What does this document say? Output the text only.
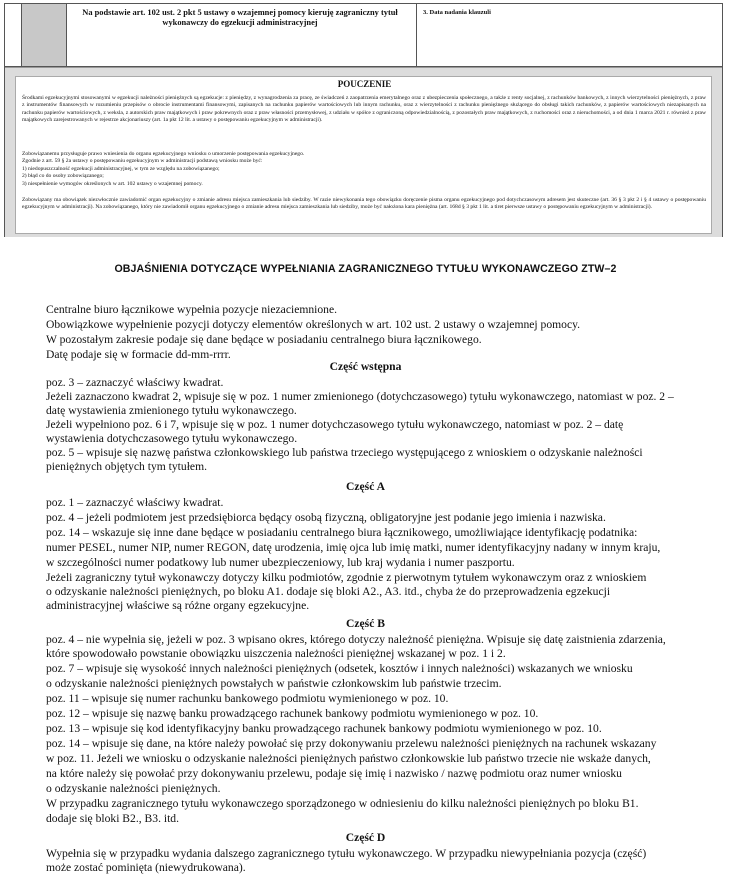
Na podstawie art. 102 ust. 2 pkt 5 ustawy o wzajemnej pomocy kieruję zagraniczny tytuł wykonawczy do egzekucji administracyjnej
3. Data nadania klauzuli
POUCZENIE
Środkami egzekucyjnymi stosowanymi w egzekucji należności pieniężnych są egzekucje: z pieniędzy, z wynagrodzenia za pracę, ze świadczeń z zaopatrzenia emerytalnego oraz z ubezpieczenia społecznego, a także z renty socjalnej, z rachunków bankowych, z innych wierzytelności pieniężnych, z praw z instrumentów finansowych w rozumieniu przepisów o obrocie instrumentami finansowymi, zapisanych na rachunku papierów wartościowych lub innym rachunku, oraz z wierzytelności z rachunku pieniężnego służącego do obsługi takich rachunków, z papierów wartościowych niezapisanych na rachunku papierów wartościowych, z weksla, z autorskich praw majątkowych i praw pokrewnych oraz z praw własności przemysłowej, z udziału w spółce z ograniczoną odpowiedzialnością, z pozostałych praw majątkowych, z ruchomości oraz z nieruchomości, a od dnia 1 marca 2021 r. również z praw majątkowych zarejestrowanych w rejestrze akcjonariuszy (art. 1a pkt 12 lit. a ustawy o postępowaniu egzekucyjnym w administracji).
Zobowiązanemu przysługuje prawo wniesienia do organu egzekucyjnego wniosku o umorzenie postępowania egzekucyjnego.
Zgodnie z art. 59 § 2a ustawy o postępowaniu egzekucyjnym w administracji podstawą wniosku może być:
1) niedopuszczalność egzekucji administracyjnej, w tym ze względu na zobowiązanego;
2) błąd co do osoby zobowiązanego;
3) niespełnienie wymogów określonych w art. 102 ustawy o wzajemnej pomocy.
Zobowiązany ma obowiązek niezwłocznie zawiadomić organ egzekucyjny o zmianie adresu miejsca zamieszkania lub siedziby. W razie niewykonania tego obowiązku doręczenie pisma organu egzekucyjnego pod dotychczasowym adresem jest skuteczne (art. 36 § 3 pkt 2 i § 4 ustawy o postępowaniu egzekucyjnym w administracji). Na zobowiązanego, który nie zawiadomił organu egzekucyjnego o zmianie adresu miejsca zamieszkania lub siedziby, może być nałożona kara pieniężna (art. 168d § 3 pkt 1 lit. a tiret pierwsze ustawy o postępowaniu egzekucyjnym w administracji).
OBJAŚNIENIA DOTYCZĄCE WYPEŁNIANIA ZAGRANICZNEGO TYTUŁU WYKONAWCZEGO ZTW–2
Centralne biuro łącznikowe wypełnia pozycje niezaciemnione.
Obowiązkowe wypełnienie pozycji dotyczy elementów określonych w art. 102 ust. 2 ustawy o wzajemnej pomocy.
W pozostałym zakresie podaje się dane będące w posiadaniu centralnego biura łącznikowego.
Datę podaje się w formacie dd-mm-rrrr.
Część wstępna
poz. 3 – zaznaczyć właściwy kwadrat.
Jeżeli zaznaczono kwadrat 2, wpisuje się w poz. 1 numer zmienionego (dotychczasowego) tytułu wykonawczego, natomiast w poz. 2 –
datę wystawienia zmienionego tytułu wykonawczego.
Jeżeli wypełniono poz. 6 i 7, wpisuje się w poz. 1 numer dotychczasowego tytułu wykonawczego, natomiast w poz. 2 – datę
wystawienia dotychczasowego tytułu wykonawczego.
poz. 5 – wpisuje się nazwę państwa członkowskiego lub państwa trzeciego występującego z wnioskiem o odzyskanie należności
pieniężnych objętych tym tytułem.
Część A
poz. 1 – zaznaczyć właściwy kwadrat.
poz. 4 – jeżeli podmiotem jest przedsiębiorca będący osobą fizyczną, obligatoryjne jest podanie jego imienia i nazwiska.
poz. 14 – wskazuje się inne dane będące w posiadaniu centralnego biura łącznikowego, umożliwiające identyfikację podatnika:
numer PESEL, numer NIP, numer REGON, datę urodzenia, imię ojca lub imię matki, numer identyfikacyjny nadany w innym kraju,
w szczególności numer podatkowy lub numer ubezpieczeniowy, lub kraj wydania i numer paszportu.
Jeżeli zagraniczny tytuł wykonawczy dotyczy kilku podmiotów, zgodnie z pierwotnym tytułem wykonawczym oraz z wnioskiem
o odzyskanie należności pieniężnych, po bloku A1. dodaje się bloki A2., A3. itd., chyba że do przeprowadzenia egzekucji
administracyjnej właściwe są różne organy egzekucyjne.
Część B
poz. 4 – nie wypełnia się, jeżeli w poz. 3 wpisano okres, którego dotyczy należność pieniężna. Wpisuje się datę zaistnienia zdarzenia,
które spowodowało powstanie obowiązku uiszczenia należności pieniężnej wskazanej w poz. 1 i 2.
poz. 7 – wpisuje się wysokość innych należności pieniężnych (odsetek, kosztów i innych należności) wskazanych we wniosku
o odzyskanie należności pieniężnych powstałych w państwie członkowskim lub państwie trzecim.
poz. 11 – wpisuje się numer rachunku bankowego podmiotu wymienionego w poz. 10.
poz. 12 – wpisuje się nazwę banku prowadzącego rachunek bankowy podmiotu wymienionego w poz. 10.
poz. 13 – wpisuje się kod identyfikacyjny banku prowadzącego rachunek bankowy podmiotu wymienionego w poz. 10.
poz. 14 – wpisuje się dane, na które należy powołać się przy dokonywaniu przelewu należności pieniężnych na rachunek wskazany
w poz. 11. Jeżeli we wniosku o odzyskanie należności pieniężnych państwo członkowskie lub państwo trzecie nie wskaże danych,
na które należy się powołać przy dokonywaniu przelewu, podaje się imię i nazwisko / nazwę podmiotu oraz numer wniosku
o odzyskanie należności pieniężnych.
W przypadku zagranicznego tytułu wykonawczego sporządzonego w odniesieniu do kilku należności pieniężnych po bloku B1.
dodaje się bloki B2., B3. itd.
Część D
Wypełnia się w przypadku wydania dalszego zagranicznego tytułu wykonawczego. W przypadku niewypełniania pozycja (część)
może zostać pominięta (niewydrukowana).
